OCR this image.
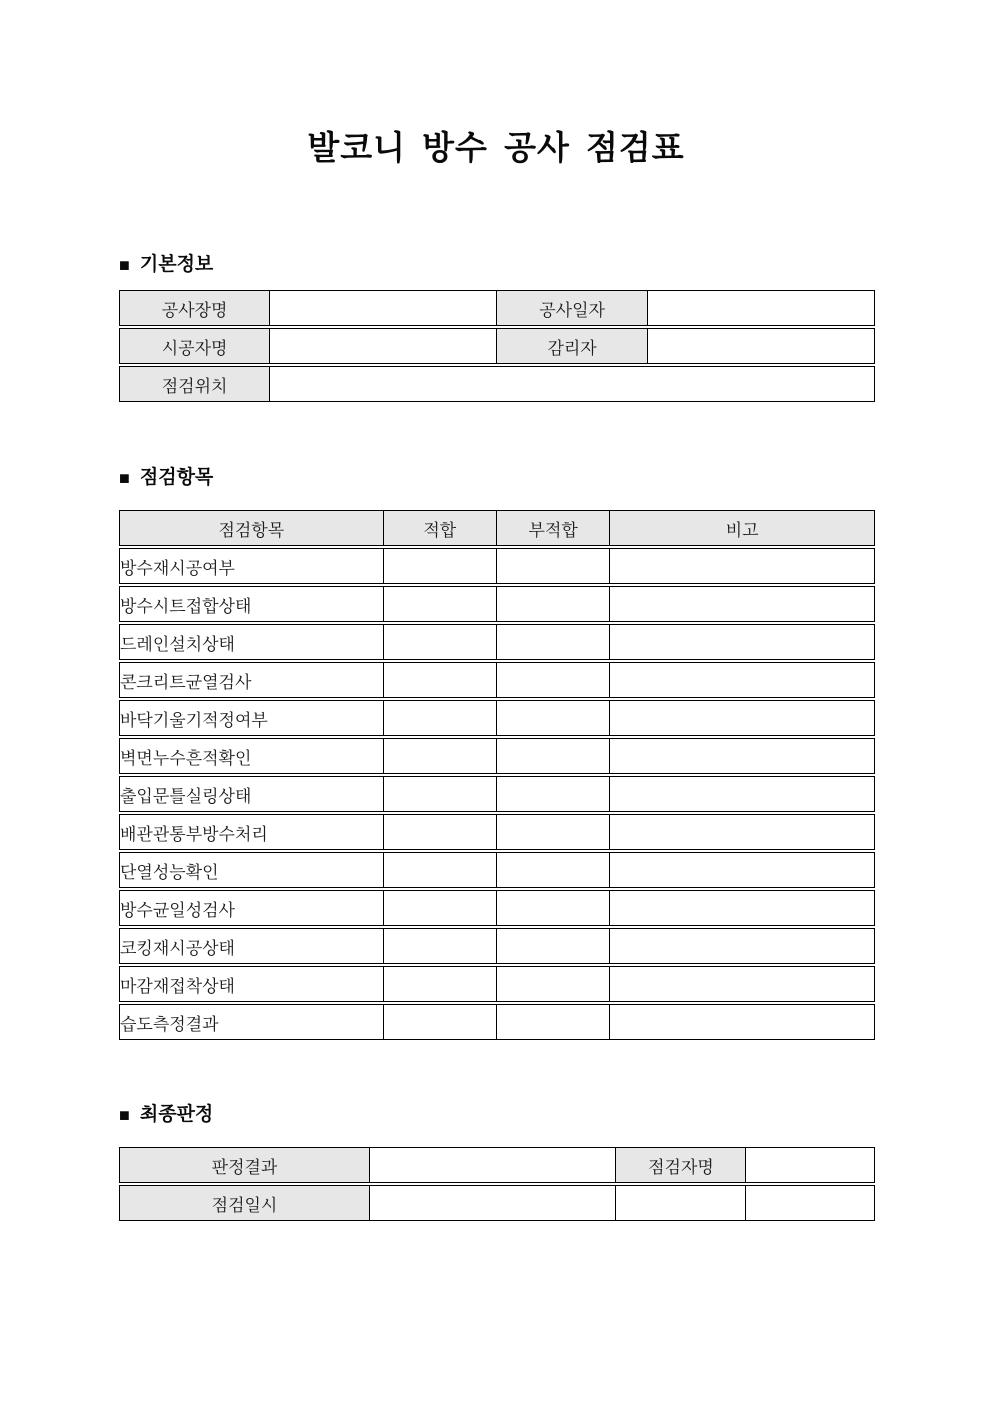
발코니 방수 공사 점검표
■ 기본정보
공사장명		공사일자	
시공자명		감리자	
점검위치			
■ 점검항목
점검항목	적합	부적합	비고
방수재시공여부			
방수시트접합상태			
드레인설치상태			
콘크리트균열검사			
바닥기울기적정여부			
벽면누수흔적확인			
출입문틀실링상태			
배관관통부방수처리			
단열성능확인			
방수균일성검사			
코킹재시공상태			
마감재접착상태			
습도측정결과			
■ 최종판정
판정결과		점검자명	
점검일시			
